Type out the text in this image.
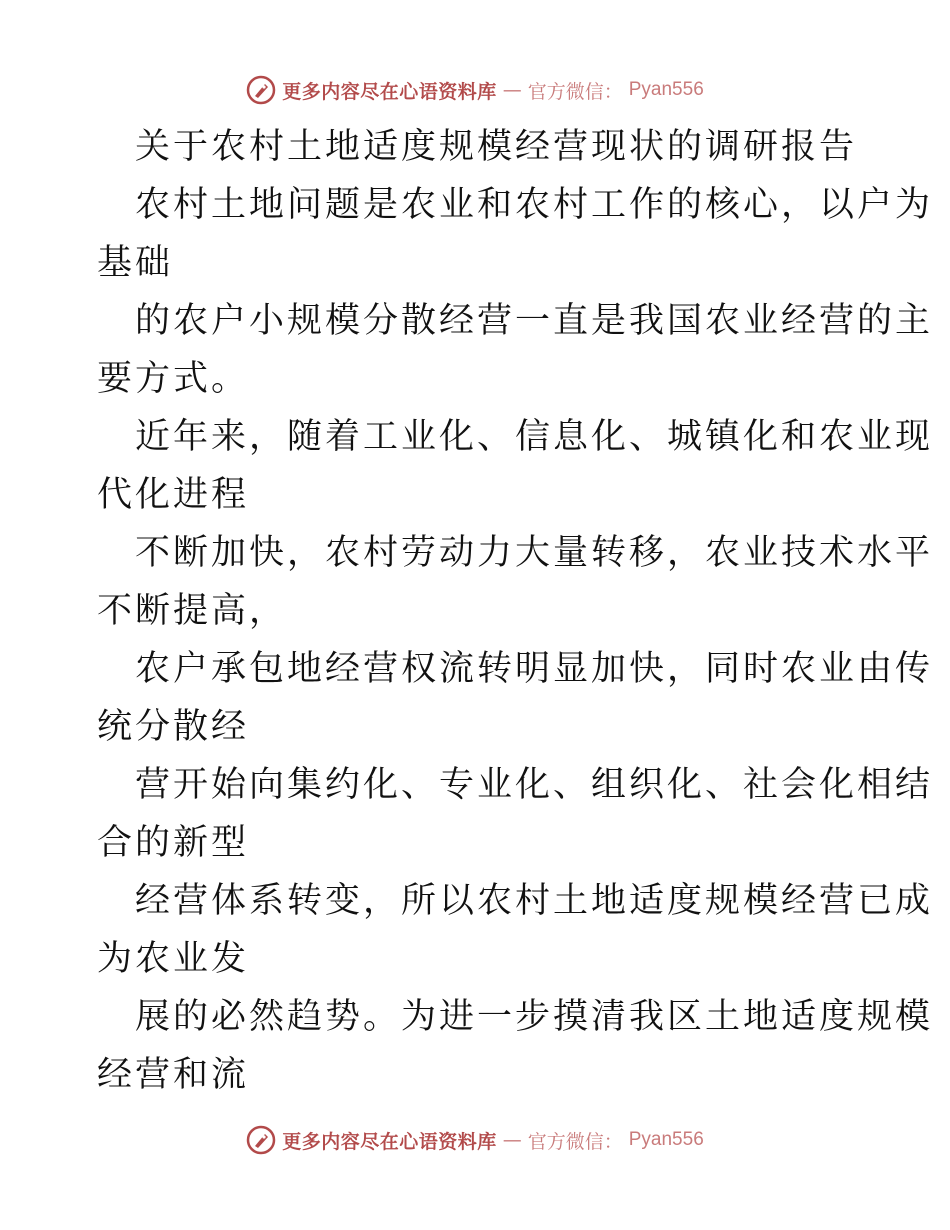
更多内容尽在心语资料库 — 官方微信： Pyan556
关于农村土地适度规模经营现状的调研报告
农村土地问题是农业和农村工作的核心，以户为
基础
的农户小规模分散经营一直是我国农业经营的主
要方式。
近年来，随着工业化、信息化、城镇化和农业现
代化进程
不断加快，农村劳动力大量转移，农业技术水平
不断提高，
农户承包地经营权流转明显加快，同时农业由传
统分散经
营开始向集约化、专业化、组织化、社会化相结
合的新型
经营体系转变，所以农村土地适度规模经营已成
为农业发
展的必然趋势。为进一步摸清我区土地适度规模
经营和流
更多内容尽在心语资料库 — 官方微信： Pyan556
